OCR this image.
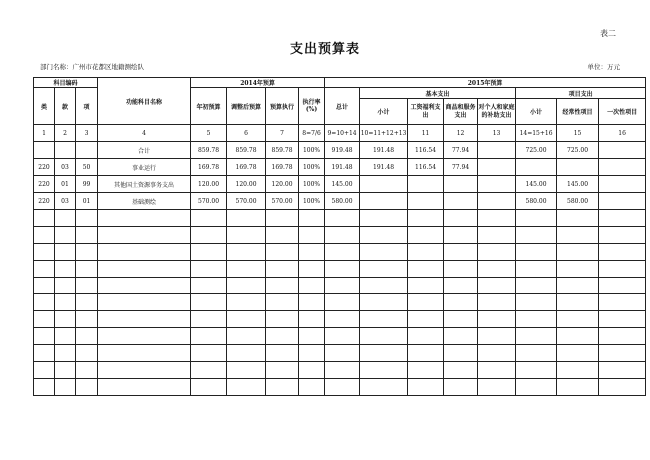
表二
支出预算表
部门名称：广州市花都区地籍测绘队	单位：万元
科目编码			功能科目名称	2014年预算				2015年预算							
类	款	项		年初预算	调整后预算	预算执行	执行率(%)	总计	基本支出				项目支出		
									小计	工资福利支出	商品和服务支出	对个人和家庭的补助支出	小计	经常性项目	一次性项目
1	2	3	4	5	6	7	8=7/6	9=10+14	10=11+12+13	11	12	13	14=15+16	15	16
			合计	859.78	859.78	859.78	100%	919.48	191.48	116.54	77.94		725.00	725.00	
220	03	50	事业运行	169.78	169.78	169.78	100%	191.48	191.48	116.54	77.94				
220	01	99	其他国土资源事务支出	120.00	120.00	120.00	100%	145.00					145.00	145.00	
220	03	01	基础测绘	570.00	570.00	570.00	100%	580.00					580.00	580.00	
